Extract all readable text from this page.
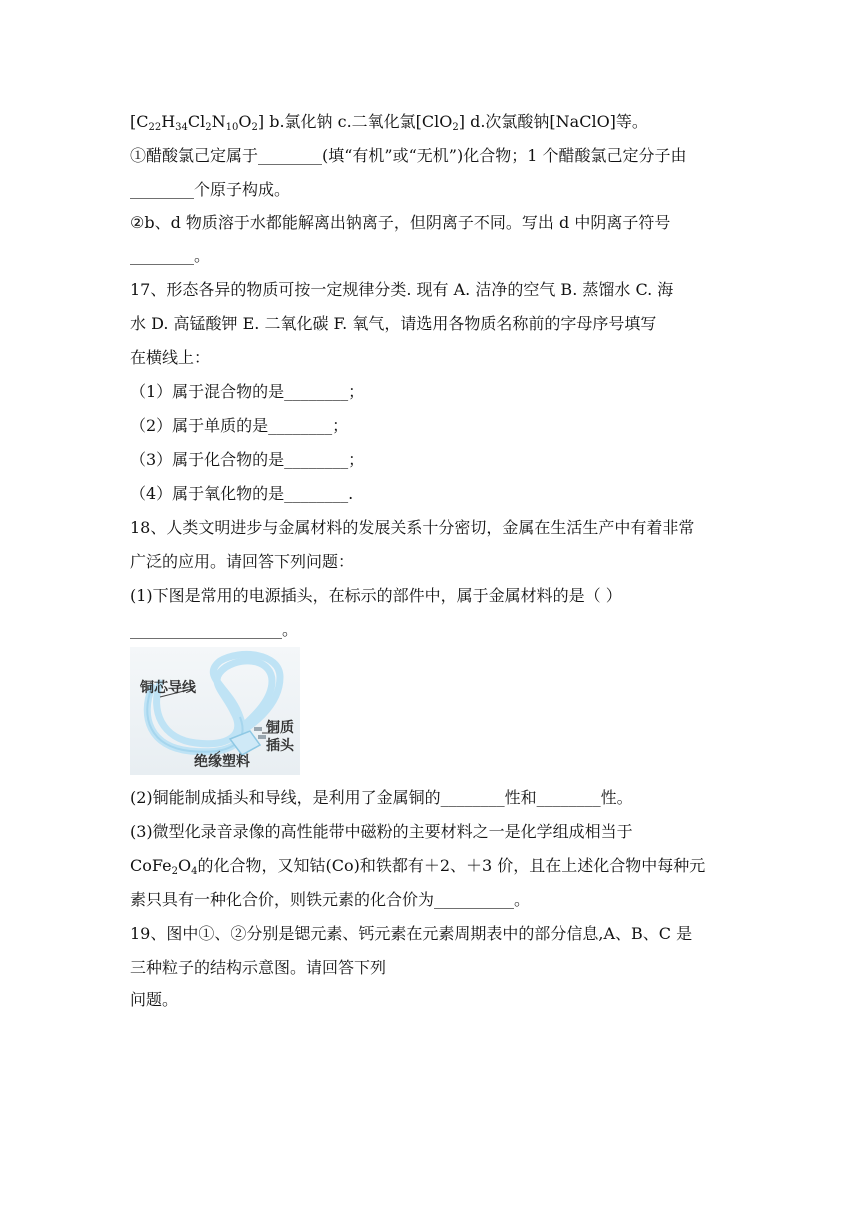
$[C_{22}H_{34}Cl_2N_{10}O_2]$ b.氯化钠 c.二氧化氯[ClO$_2$] d.次氯酸钠[NaClO]等。
①醋酸氯己定属于________(填“有机”或“无机”)化合物；1 个醋酸氯己定分子由
________个原子构成。
②b、d 物质溶于水都能解离出钠离子，但阴离子不同。写出 d 中阴离子符号
________。
17、形态各异的物质可按一定规律分类. 现有 A. 洁净的空气 B. 蒸馏水 C. 海
水 D. 高锰酸钾 E. 二氧化碳 F. 氧气，请选用各物质名称前的字母序号填写
在横线上：
（1）属于混合物的是________；
（2）属于单质的是________；
（3）属于化合物的是________；
（4）属于氧化物的是________.
18、人类文明进步与金属材料的发展关系十分密切，金属在生活生产中有着非常
广泛的应用。请回答下列问题：
(1)下图是常用的电源插头，在标示的部件中，属于金属材料的是（ ）
___________________。
铜芯导线
铜质
插头
绝缘塑料
(2)铜能制成插头和导线，是利用了金属铜的________性和________性。
(3)微型化录音录像的高性能带中磁粉的主要材料之一是化学组成相当于
$CoFe_2O_4$的化合物，又知钴(Co)和铁都有＋2、＋3 价，且在上述化合物中每种元
素只具有一种化合价，则铁元素的化合价为__________。
19、图中①、②分别是锶元素、钙元素在元素周期表中的部分信息,A、B、C 是
三种粒子的结构示意图。请回答下列
问题。
